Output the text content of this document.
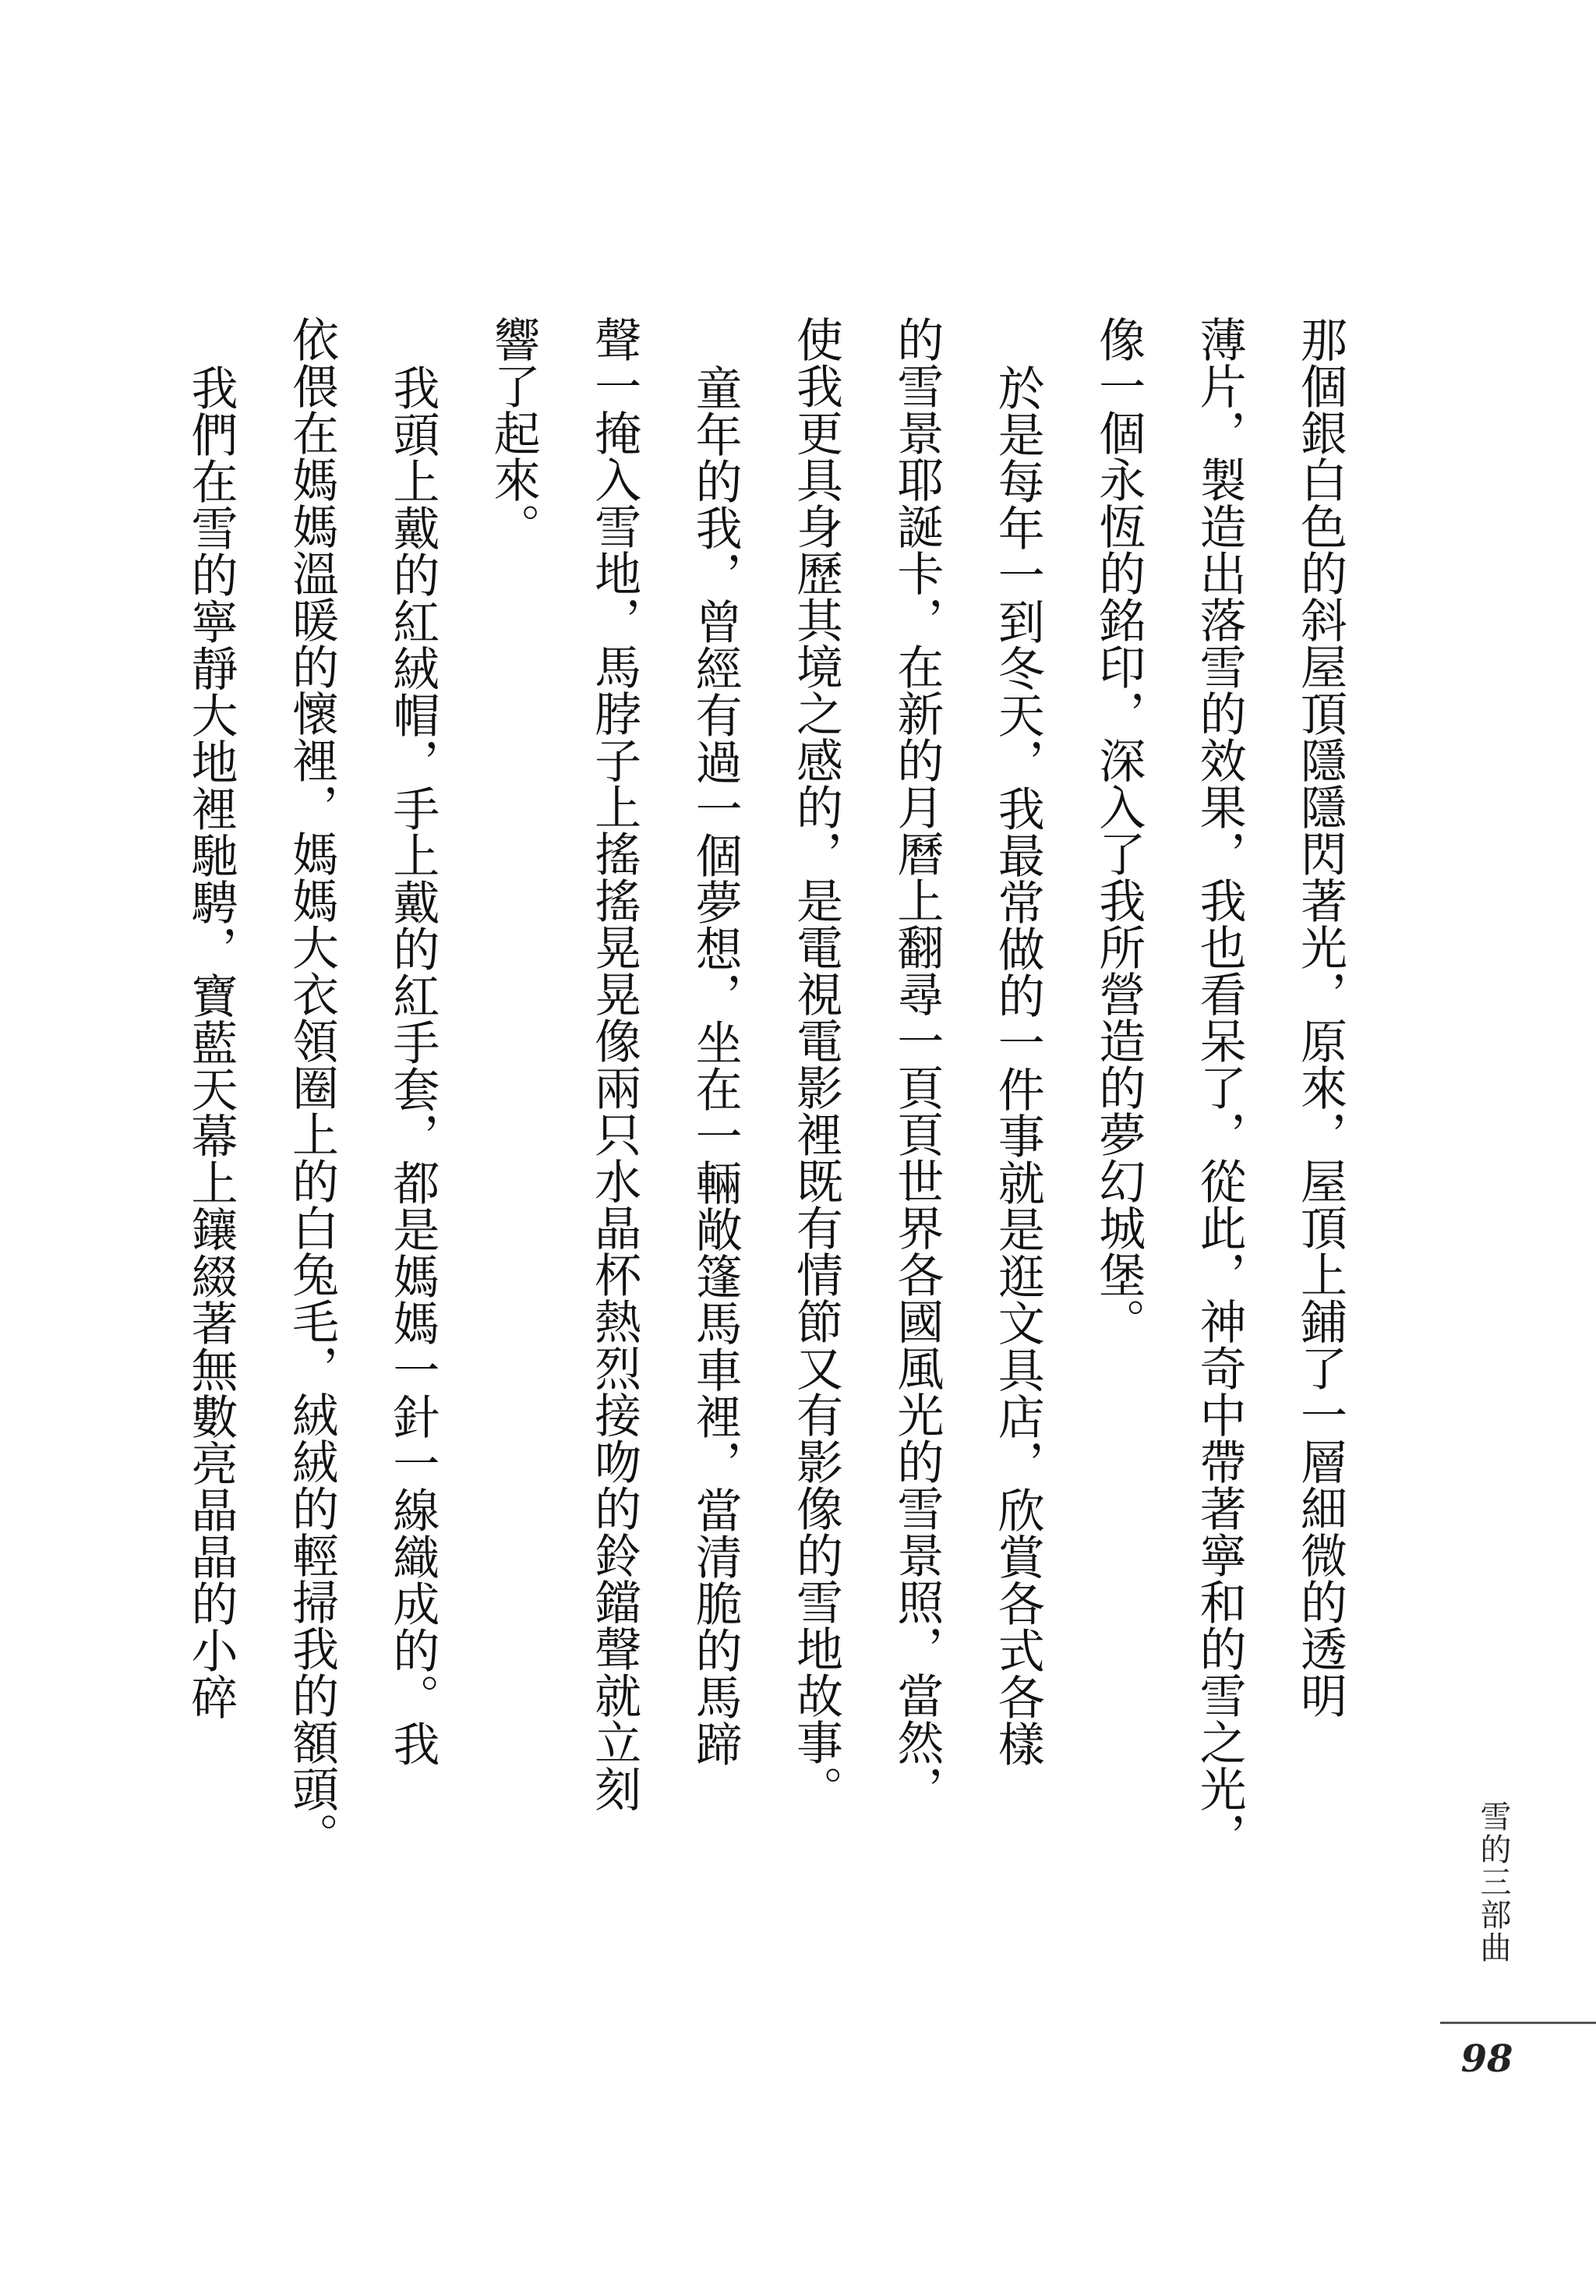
那個銀白色的斜屋頂隱隱閃著光，原來，屋頂上鋪了一層細微的透明
薄片，製造出落雪的效果，我也看呆了，從此，神奇中帶著寧和的雪之光，
像一個永恆的銘印，深入了我所營造的夢幻城堡。
於是每年一到冬天，我最常做的一件事就是逛文具店，欣賞各式各樣
的雪景耶誕卡，在新的月曆上翻尋一頁頁世界各國風光的雪景照，當然，
使我更具身歷其境之感的，是電視電影裡既有情節又有影像的雪地故事。
童年的我，曾經有過一個夢想，坐在一輛敞篷馬車裡，當清脆的馬蹄
聲一掩入雪地，馬脖子上搖搖晃晃像兩只水晶杯熱烈接吻的鈴鐺聲就立刻
響了起來。
我頭上戴的紅絨帽，手上戴的紅手套，都是媽媽一針一線織成的。我
依偎在媽媽溫暖的懷裡，媽媽大衣領圈上的白兔毛，絨絨的輕掃我的額頭。
我們在雪的寧靜大地裡馳騁，寶藍天幕上鑲綴著無數亮晶晶的小碎
雪的三部曲
98
